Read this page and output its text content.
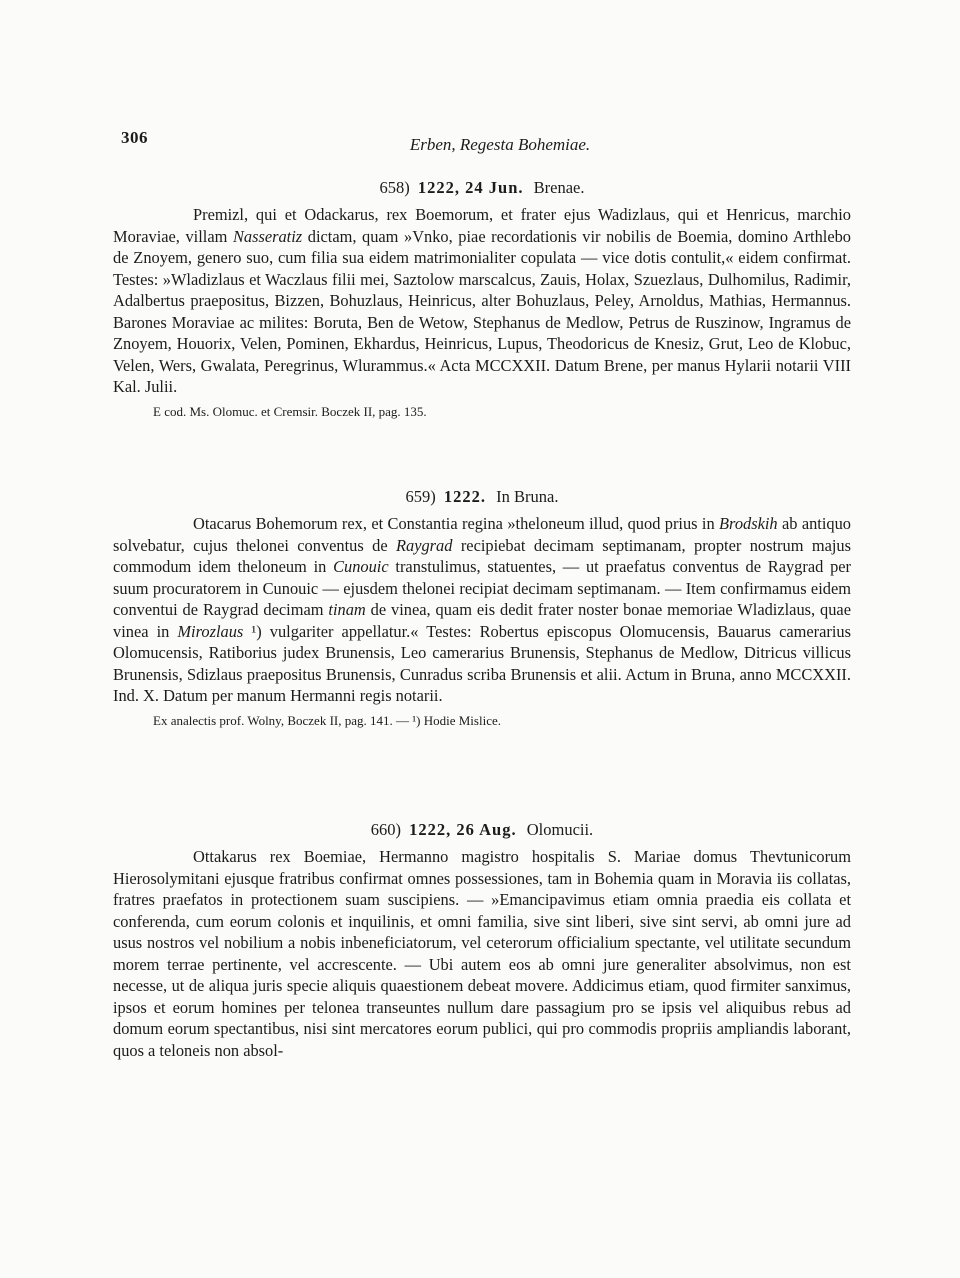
306	Erben, Regesta Bohemiae.
658) 1222, 24 Jun. Brenae.
Premizl, qui et Odackarus, rex Boemorum, et frater ejus Wadizlaus, qui et Henricus, marchio Moraviae, villam Nasseratiz dictam, quam »Vnko, piae recordationis vir nobilis de Boemia, domino Arthlebo de Znoyem, genero suo, cum filia sua eidem matrimonialiter copulata — vice dotis contulit,« eidem confirmat. Testes: »Wladizlaus et Waczlaus filii mei, Saztolow marscalcus, Zauis, Holax, Szuezlaus, Dulhomilus, Radimir, Adalbertus praepositus, Bizzen, Bohuzlaus, Heinricus, alter Bohuzlaus, Peley, Arnoldus, Mathias, Hermannus. Barones Moraviae ac milites: Boruta, Ben de Wetow, Stephanus de Medlow, Petrus de Ruszinow, Ingramus de Znoyem, Houorix, Velen, Pominen, Ekhardus, Heinricus, Lupus, Theodoricus de Knesiz, Grut, Leo de Klobuc, Velen, Wers, Gwalata, Peregrinus, Wlurammus.« Acta MCCXXII. Datum Brene, per manus Hylarii notarii VIII Kal. Julii.
E cod. Ms. Olomuc. et Cremsir. Boczek II, pag. 135.
659) 1222. In Bruna.
Otacarus Bohemorum rex, et Constantia regina »theloneum illud, quod prius in Brodskih ab antiquo solvebatur, cujus thelonei conventus de Raygrad recipiebat decimam septimanam, propter nostrum majus commodum idem theloneum in Cunouic transtulimus, statuentes, — ut praefatus conventus de Raygrad per suum procuratorem in Cunouic — ejusdem thelonei recipiat decimam septimanam. — Item confirmamus eidem conventui de Raygrad decimam tinam de vinea, quam eis dedit frater noster bonae memoriae Wladizlaus, quae vinea in Mirozlaus ¹) vulgariter appellatur.« Testes: Robertus episcopus Olomucensis, Bauarus camerarius Olomucensis, Ratiborius judex Brunensis, Leo camerarius Brunensis, Stephanus de Medlow, Ditricus villicus Brunensis, Sdizlaus praepositus Brunensis, Cunradus scriba Brunensis et alii. Actum in Bruna, anno MCCXXII. Ind. X. Datum per manum Hermanni regis notarii.
Ex analectis prof. Wolny, Boczek II, pag. 141. — ¹) Hodie Mislice.
660) 1222, 26 Aug. Olomucii.
Ottakarus rex Boemiae, Hermanno magistro hospitalis S. Mariae domus Thevtunicorum Hierosolymitani ejusque fratribus confirmat omnes possessiones, tam in Bohemia quam in Moravia iis collatas, fratres praefatos in protectionem suam suscipiens. — »Emancipavimus etiam omnia praedia eis collata et conferenda, cum eorum colonis et inquilinis, et omni familia, sive sint liberi, sive sint servi, ab omni jure ad usus nostros vel nobilium a nobis inbeneficiatorum, vel ceterorum officialium spectante, vel utilitate secundum morem terrae pertinente, vel accrescente. — Ubi autem eos ab omni jure generaliter absolvimus, non est necesse, ut de aliqua juris specie aliquis quaestionem debeat movere. Addicimus etiam, quod firmiter sanximus, ipsos et eorum homines per telonea transeuntes nullum dare passagium pro se ipsis vel aliquibus rebus ad domum eorum spectantibus, nisi sint mercatores eorum publici, qui pro commodis propriis ampliandis laborant, quos a teloneis non absol-
